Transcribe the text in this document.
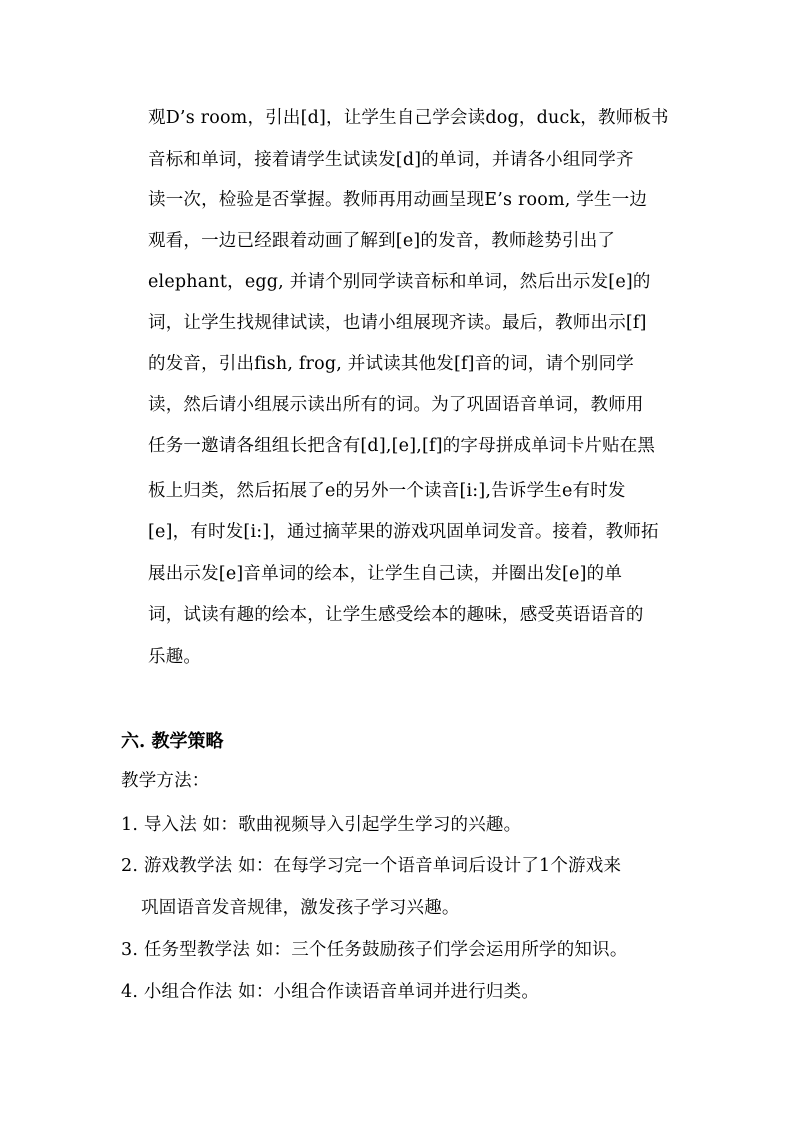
观D’s room，引出[d]，让学生自己学会读dog，duck，教师板书
音标和单词，接着请学生试读发[d]的单词，并请各小组同学齐
读一次，检验是否掌握。教师再用动画呈现E’s room, 学生一边
观看，一边已经跟着动画了解到[e]的发音，教师趁势引出了
elephant，egg, 并请个别同学读音标和单词，然后出示发[e]的
词，让学生找规律试读，也请小组展现齐读。最后，教师出示[f]
的发音，引出fish, frog, 并试读其他发[f]音的词，请个别同学
读，然后请小组展示读出所有的词。为了巩固语音单词，教师用
任务一邀请各组组长把含有[d],[e],[f]的字母拼成单词卡片贴在黑
板上归类，然后拓展了e的另外一个读音[i:],告诉学生e有时发
[e]，有时发[i:]，通过摘苹果的游戏巩固单词发音。接着，教师拓
展出示发[e]音单词的绘本，让学生自己读，并圈出发[e]的单
词，试读有趣的绘本，让学生感受绘本的趣味，感受英语语音的
乐趣。
六. 教学策略
教学方法：
1. 导入法 如：歌曲视频导入引起学生学习的兴趣。
2. 游戏教学法 如：在每学习完一个语音单词后设计了1个游戏来
巩固语音发音规律，激发孩子学习兴趣。
3. 任务型教学法 如：三个任务鼓励孩子们学会运用所学的知识。
4. 小组合作法 如：小组合作读语音单词并进行归类。
